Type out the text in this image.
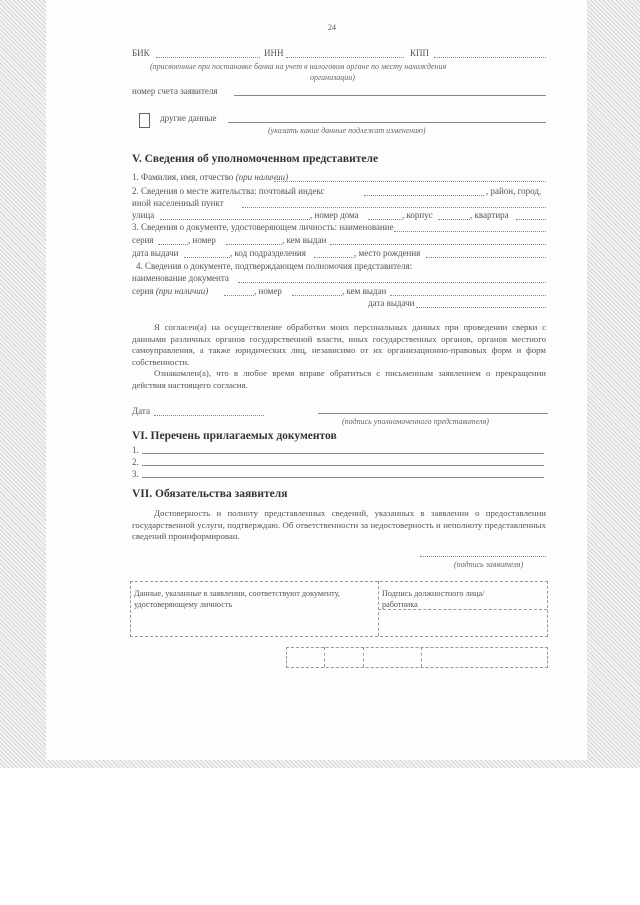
24
БИК	ИНН	КПП
(присвоенные при постановке банка на учет в налоговом органе по месту нахождения
организации)
номер счета заявителя
другие данные
(указать какие данные подлежат изменению)
V. Сведения об уполномоченном представителе
1. Фамилия, имя, отчество (при наличии)
2. Сведения о месте жительства: почтовый индекс	, район, город,
иной населенный пункт
улица	, номер дома	, корпус	, квартира
3. Сведения о документе, удостоверяющем личность: наименование
серия	, номер	, кем выдан
дата выдачи	, код подразделения	, место рождения
4. Сведения о документе, подтверждающем полномочия представителя:
наименование документа
серия (при наличии)	, номер	, кем выдан
дата выдачи
Я согласен(а) на осуществление обработки моих персональных данных при проведении сверки с данными различных органов государственной власти, иных государственных органов, органов местного самоуправления, а также юридических лиц, независимо от их организационно-правовых форм и форм собственности.
Ознакомлен(а), что в любое время вправе обратиться с письменным заявлением о прекращении действия настоящего согласия.
Дата
(подпись уполномоченного представителя)
VI. Перечень прилагаемых документов
1.
2.
3.
VII. Обязательства заявителя
Достоверность и полноту представленных сведений, указанных в заявлении о предоставлении государственной услуги, подтверждаю. Об ответственности за недостоверность и неполноту представленных сведений проинформирован.
(подпись заявителя)
Данные, указанные в заявлении, соответствуют документу, удостоверяющему личность
Подпись должностного лица/работника
